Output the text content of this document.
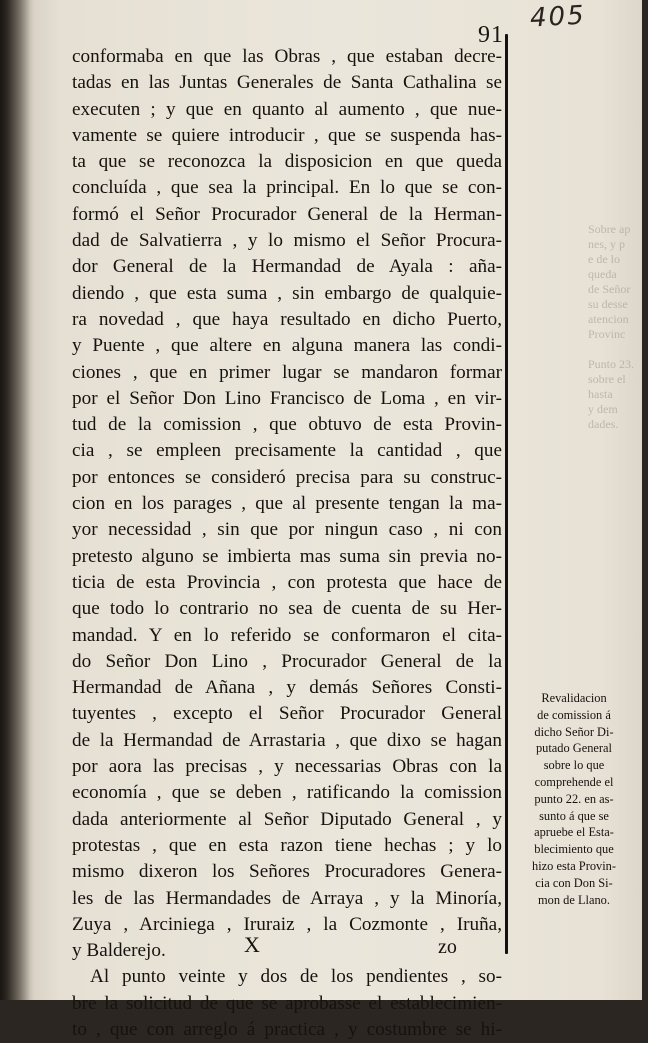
405
91
Sobre ap
nes, y p
e de lo
queda
de Señor
su desse
atencion
Provinc

Punto 23.
sobre el
hasta
y dem
dades.
conformaba en que las Obras , que estaban decre-
tadas en las Juntas Generales de Santa Cathalina se
executen ; y que en quanto al aumento , que nue-
vamente se quiere introducir , que se suspenda has-
ta que se reconozca la disposicion en que queda
concluída , que sea la principal. En lo que se con-
formó el Señor Procurador General de la Herman-
dad de Salvatierra , y lo mismo el Señor Procura-
dor General de la Hermandad de Ayala : aña-
diendo , que esta suma , sin embargo de qualquie-
ra novedad , que haya resultado en dicho Puerto,
y Puente , que altere en alguna manera las condi-
ciones , que en primer lugar se mandaron formar
por el Señor Don Lino Francisco de Loma , en vir-
tud de la comission , que obtuvo de esta Provin-
cia , se empleen precisamente la cantidad , que
por entonces se consideró precisa para su construc-
cion en los parages , que al presente tengan la ma-
yor necessidad , sin que por ningun caso , ni con
pretesto alguno se imbierta mas suma sin previa no-
ticia de esta Provincia , con protesta que hace de
que todo lo contrario no sea de cuenta de su Her-
mandad. Y en lo referido se conformaron el cita-
do Señor Don Lino , Procurador General de la
Hermandad de Añana , y demás Señores Consti-
tuyentes , excepto el Señor Procurador General
de la Hermandad de Arrastaria , que dixo se hagan
por aora las precisas , y necessarias Obras con la
economía , que se deben , ratificando la comission
dada anteriormente al Señor Diputado General , y
protestas , que en esta razon tiene hechas ; y lo
mismo dixeron los Señores Procuradores Genera-
les de las Hermandades de Arraya , y la Minoría,
Zuya , Arciniega , Iruraiz , la Cozmonte , Iruña,
y Balderejo.
Al punto veinte y dos de los pendientes , so-
bre la solicitud de que se aprobasse el establecimien-
to , que con arreglo á practica , y costumbre se hi-
Revalidacion
de comission á
dicho Señor Di-
putado General
sobre lo que
comprehende el
punto 22. en as-
sunto á que se
apruebe el Esta-
blecimiento que
hizo esta Provin-
cia con Don Si-
mon de Llano.
X	zo
